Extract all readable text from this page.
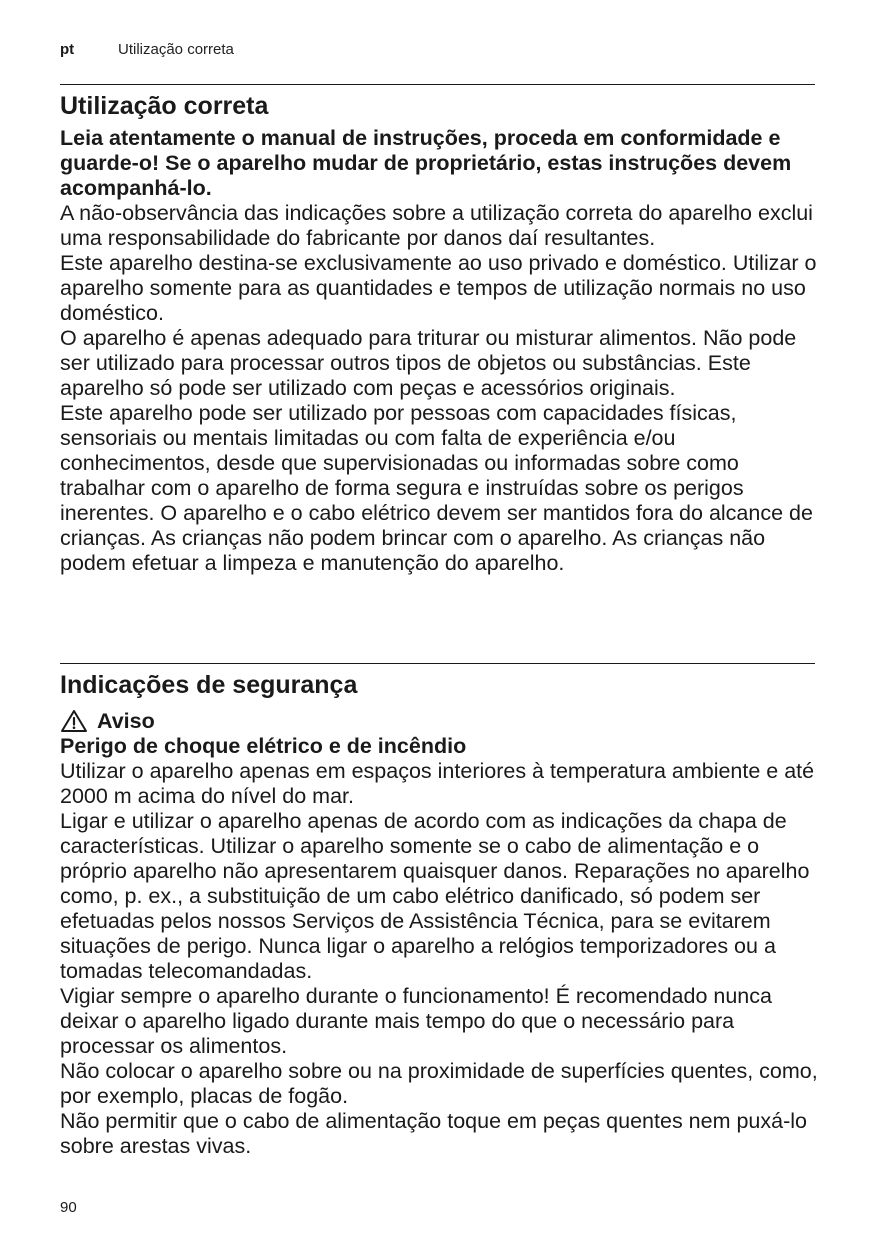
pt	Utilização correta
Utilização correta

Leia atentamente o manual de instruções, proceda em conformidade e guarde-o! Se o aparelho mudar de proprietário, estas instruções devem acompanhá-lo.

A não-observância das indicações sobre a utilização correta do aparelho exclui uma responsabilidade do fabricante por danos daí resultantes.

Este aparelho destina-se exclusivamente ao uso privado e doméstico. Utilizar o aparelho somente para as quantidades e tempos de utilização normais no uso doméstico.

O aparelho é apenas adequado para triturar ou misturar alimentos. Não pode ser utilizado para processar outros tipos de objetos ou substâncias. Este aparelho só pode ser utilizado com peças e acessórios originais.

Este aparelho pode ser utilizado por pessoas com capacidades físicas, sensoriais ou mentais limitadas ou com falta de experiência e/ou conhecimentos, desde que supervisionadas ou informadas sobre como trabalhar com o aparelho de forma segura e instruídas sobre os perigos inerentes. O aparelho e o cabo elétrico devem ser mantidos fora do alcance de crianças. As crianças não podem brincar com o aparelho. As crianças não podem efetuar a limpeza e manutenção do aparelho.

Indicações de segurança
Aviso

Perigo de choque elétrico e de incêndio

Utilizar o aparelho apenas em espaços interiores à temperatura ambiente e até 2000 m acima do nível do mar.

Ligar e utilizar o aparelho apenas de acordo com as indicações da chapa de características. Utilizar o aparelho somente se o cabo de alimentação e o próprio aparelho não apresentarem quaisquer danos. Reparações no aparelho como, p. ex., a substituição de um cabo elétrico danificado, só podem ser efetuadas pelos nossos Serviços de Assistência Técnica, para se evitarem situações de perigo. Nunca ligar o aparelho a relógios temporizadores ou a tomadas telecomandadas.

Vigiar sempre o aparelho durante o funcionamento! É recomendado nunca deixar o aparelho ligado durante mais tempo do que o necessário para processar os alimentos.

Não colocar o aparelho sobre ou na proximidade de superfícies quentes, como, por exemplo, placas de fogão.

Não permitir que o cabo de alimentação toque em peças quentes nem puxá-lo sobre arestas vivas.

90
